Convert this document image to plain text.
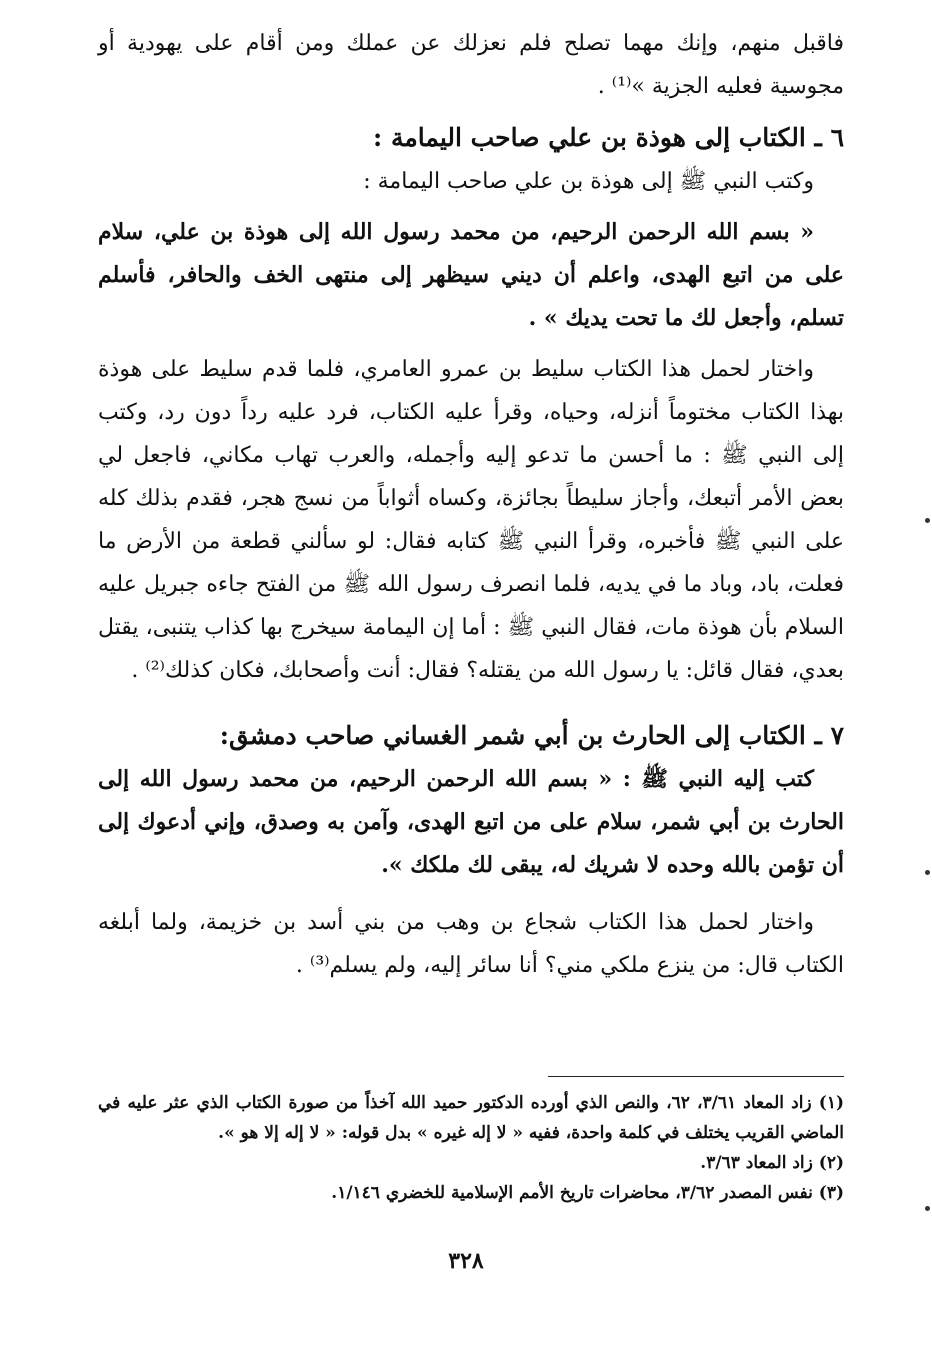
فاقبل منهم، وإنك مهما تصلح فلم نعزلك عن عملك ومن أقام على يهودية أو مجوسية فعليه الجزية »⁽¹⁾ .

٦ ـ الكتاب إلى هوذة بن علي صاحب اليمامة :

وكتب النبي ﷺ إلى هوذة بن علي صاحب اليمامة :

« بسم الله الرحمن الرحيم، من محمد رسول الله إلى هوذة بن علي، سلام على من اتبع الهدى، واعلم أن ديني سيظهر إلى منتهى الخف والحافر، فأسلم تسلم، وأجعل لك ما تحت يديك » .

واختار لحمل هذا الكتاب سليط بن عمرو العامري، فلما قدم سليط على هوذة بهذا الكتاب مختوماً أنزله، وحياه، وقرأ عليه الكتاب، فرد عليه رداً دون رد، وكتب إلى النبي ﷺ : ما أحسن ما تدعو إليه وأجمله، والعرب تهاب مكاني، فاجعل لي بعض الأمر أتبعك، وأجاز سليطاً بجائزة، وكساه أثواباً من نسج هجر، فقدم بذلك كله على النبي ﷺ فأخبره، وقرأ النبي ﷺ كتابه فقال: لو سألني قطعة من الأرض ما فعلت، باد، وباد ما في يديه، فلما انصرف رسول الله ﷺ من الفتح جاءه جبريل عليه السلام بأن هوذة مات، فقال النبي ﷺ : أما إن اليمامة سيخرج بها كذاب يتنبى، يقتل بعدي، فقال قائل: يا رسول الله من يقتله؟ فقال: أنت وأصحابك، فكان كذلك⁽²⁾ .

٧ ـ الكتاب إلى الحارث بن أبي شمر الغساني صاحب دمشق:

كتب إليه النبي ﷺ : « بسم الله الرحمن الرحيم، من محمد رسول الله إلى الحارث بن أبي شمر، سلام على من اتبع الهدى، وآمن به وصدق، وإني أدعوك إلى أن تؤمن بالله وحده لا شريك له، يبقى لك ملكك ».

واختار لحمل هذا الكتاب شجاع بن وهب من بني أسد بن خزيمة، ولما أبلغه الكتاب قال: من ينزع ملكي مني؟ أنا سائر إليه، ولم يسلم⁽³⁾ .

(١) زاد المعاد ٣/٦١، ٦٢، والنص الذي أورده الدكتور حميد الله آخذاً من صورة الكتاب الذي عثر عليه في الماضي القريب يختلف في كلمة واحدة، ففيه « لا إله غيره » بدل قوله: « لا إله إلا هو ».

(٢) زاد المعاد ٣/٦٣.

(٣) نفس المصدر ٣/٦٢، محاضرات تاريخ الأمم الإسلامية للخضري ١/١٤٦.

٣٢٨
